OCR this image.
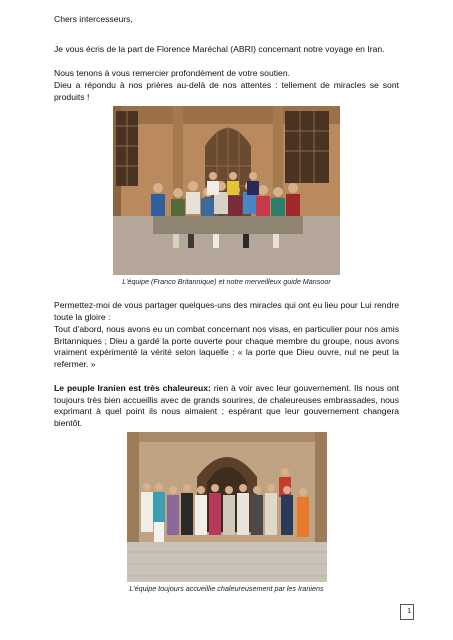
Chers intercesseurs,
Je vous écris de la part de Florence Maréchal (ABRI) concernant notre voyage en Iran.
Nous tenons à vous remercier profondément de votre soutien.
Dieu a répondu à nos prières au-delà de nos attentes : tellement de miracles se sont produits !
L’équipe (Franco Britannique) et notre merveilleux guide Mansoor
Permettez-moi de vous partager quelques-uns des miracles qui ont eu lieu pour Lui rendre toute la gloire :
Tout d’abord, nous avons eu un combat concernant nos visas, en particulier pour nos amis Britanniques ; Dieu a gardé la porte ouverte pour chaque membre du groupe, nous avons vraiment expérimenté la vérité selon laquelle : « la porte que Dieu ouvre, nul ne peut la refermer. »
Le peuple Iranien est très chaleureux: rien à voir avec leur gouvernement. Ils nous ont toujours très bien accueillis avec de grands sourires, de chaleureuses embrassades, nous exprimant à quel point ils nous aimaient ; espérant que leur gouvernement changera bientôt.
L’équipe toujours accueillie chaleureusement par les Iraniens
1
